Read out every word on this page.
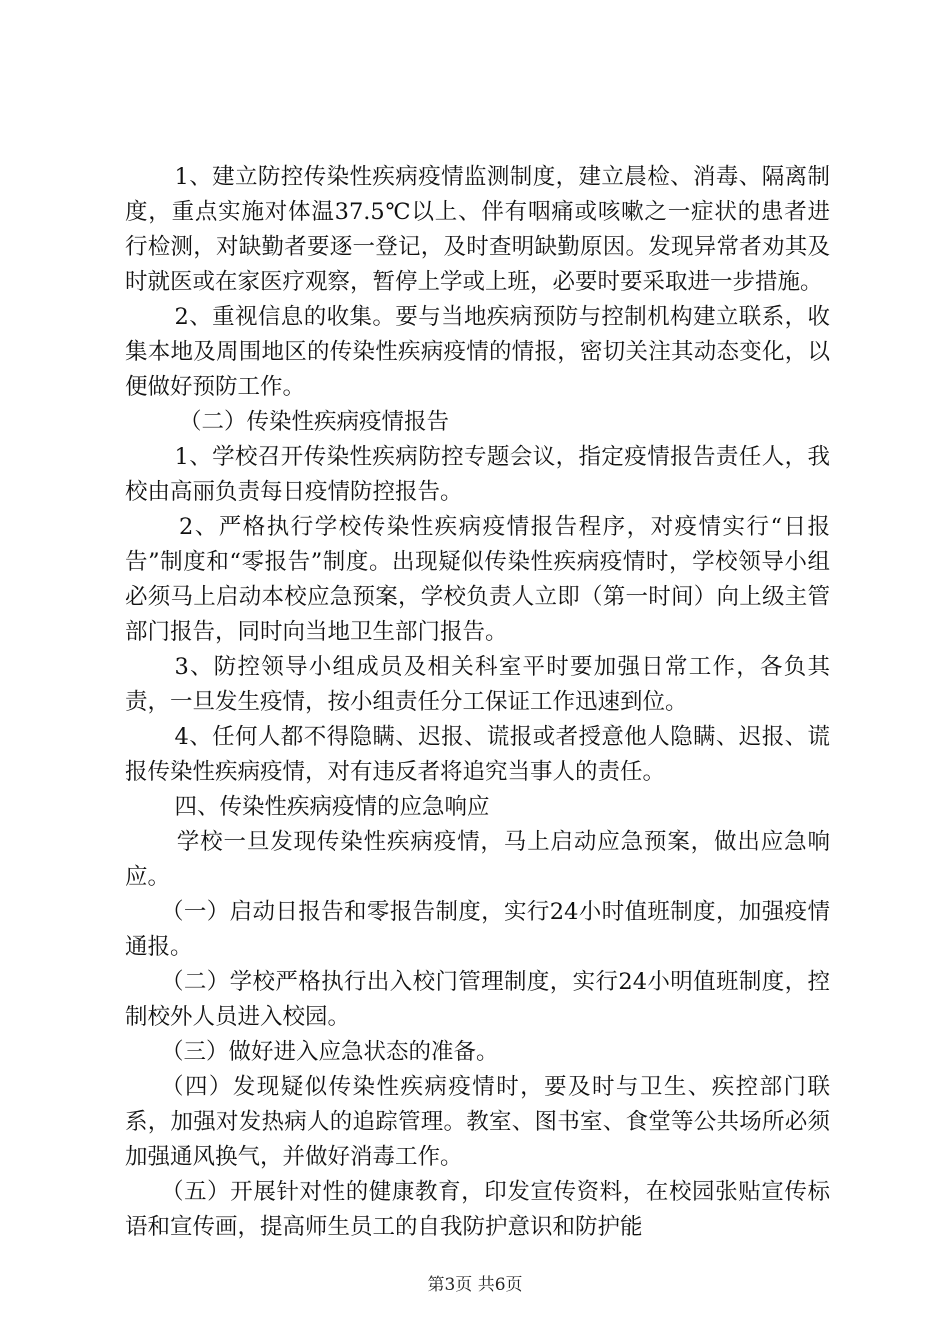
1、建立防控传染性疾病疫情监测制度，建立晨检、消毒、隔离制度，重点实施对体温37.5℃以上、伴有咽痛或咳嗽之一症状的患者进行检测，对缺勤者要逐一登记，及时查明缺勤原因。发现异常者劝其及时就医或在家医疗观察，暂停上学或上班，必要时要采取进一步措施。

2、重视信息的收集。要与当地疾病预防与控制机构建立联系，收集本地及周围地区的传染性疾病疫情的情报，密切关注其动态变化，以便做好预防工作。

（二）传染性疾病疫情报告

1、学校召开传染性疾病防控专题会议，指定疫情报告责任人，我校由高丽负责每日疫情防控报告。

2、严格执行学校传染性疾病疫情报告程序，对疫情实行“日报告”制度和“零报告”制度。出现疑似传染性疾病疫情时，学校领导小组必须马上启动本校应急预案，学校负责人立即（第一时间）向上级主管部门报告，同时向当地卫生部门报告。

3、防控领导小组成员及相关科室平时要加强日常工作，各负其责，一旦发生疫情，按小组责任分工保证工作迅速到位。

4、任何人都不得隐瞒、迟报、谎报或者授意他人隐瞒、迟报、谎报传染性疾病疫情，对有违反者将追究当事人的责任。

四、传染性疾病疫情的应急响应

学校一旦发现传染性疾病疫情，马上启动应急预案，做出应急响应。

（一）启动日报告和零报告制度，实行24小时值班制度，加强疫情通报。

（二）学校严格执行出入校门管理制度，实行24小明值班制度，控制校外人员进入校园。

（三）做好进入应急状态的准备。

（四）发现疑似传染性疾病疫情时，要及时与卫生、疾控部门联系，加强对发热病人的追踪管理。教室、图书室、食堂等公共场所必须加强通风换气，并做好消毒工作。

（五）开展针对性的健康教育，印发宣传资料，在校园张贴宣传标语和宣传画，提高师生员工的自我防护意识和防护能

第3页 共6页
